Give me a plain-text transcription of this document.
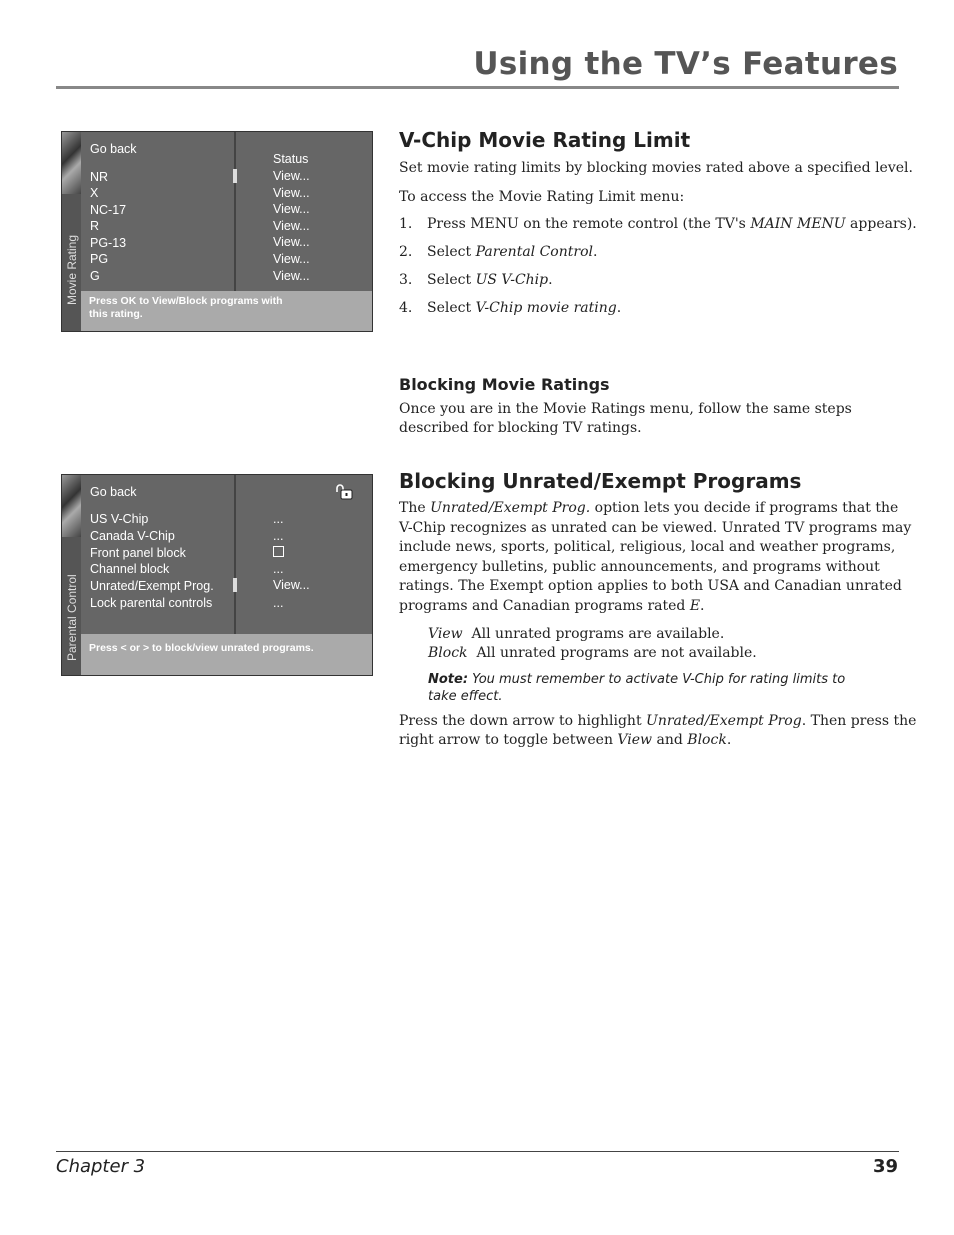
Using the TV’s Features
Movie Rating
Go back
Status
NR
X
NC-17
R
PG-13
PG
G
View...
View...
View...
View...
View...
View...
View...
Press OK to View/Block programs with
this rating.
Parental Control
Go back
US V-Chip
Canada V-Chip
Front panel block
Channel block
Unrated/Exempt Prog.
Lock parental controls
...
...
...
View...
...
Press < or > to block/view unrated programs.
V-Chip Movie Rating Limit

Set movie rating limits by blocking movies rated above a specified level.

To access the Movie Rating Limit menu:

1. Press MENU on the remote control (the TV's MAIN MENU appears).
2. Select Parental Control.
3. Select US V-Chip.
4. Select V-Chip movie rating.
Blocking Movie Ratings

Once you are in the Movie Ratings menu, follow the same steps

described for blocking TV ratings.

Blocking Unrated/Exempt Programs

The Unrated/Exempt Prog. option lets you decide if programs that the

V-Chip recognizes as unrated can be viewed. Unrated TV programs may

include news, sports, political, religious, local and weather programs,

emergency bulletins, public announcements, and programs without

ratings. The Exempt option applies to both USA and Canadian unrated

programs and Canadian programs rated E.

View All unrated programs are available.

Block All unrated programs are not available.

Note: You must remember to activate V-Chip for rating limits to
take effect.

Press the down arrow to highlight Unrated/Exempt Prog. Then press the

right arrow to toggle between View and Block.

Chapter 3	39
